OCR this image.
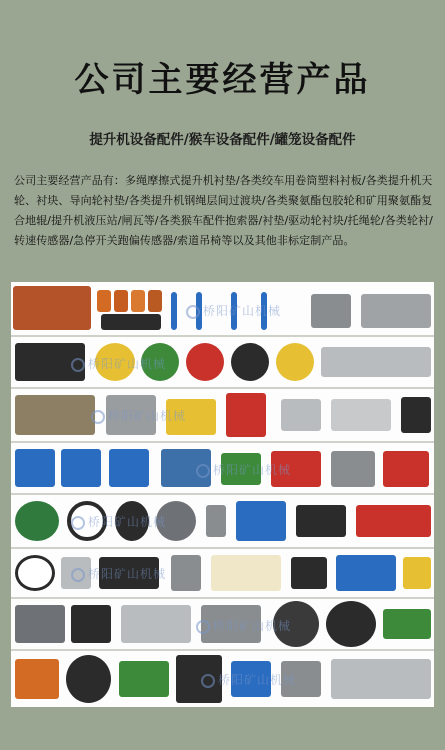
公司主要经营产品
提升机设备配件/猴车设备配件/罐笼设备配件
公司主要经营产品有：多绳摩擦式提升机衬垫/各类绞车用卷筒塑料衬板/各类提升机天轮、衬块、导向轮衬垫/各类提升机钢绳层间过渡块/各类聚氨酯包胶轮和矿用聚氨酯复合地辊/提升机液压站/闸瓦等/各类猴车配件抱索器/衬垫/驱动轮衬块/托绳轮/各类轮衬/转速传感器/急停开关跑偏传感器/索道吊椅等以及其他非标定制产品。
桥阳矿山机械
桥阳矿山机械
桥阳矿山机械
桥阳矿山机械
桥阳矿山机械
桥阳矿山机械
桥阳矿山机械
桥阳矿山机械
